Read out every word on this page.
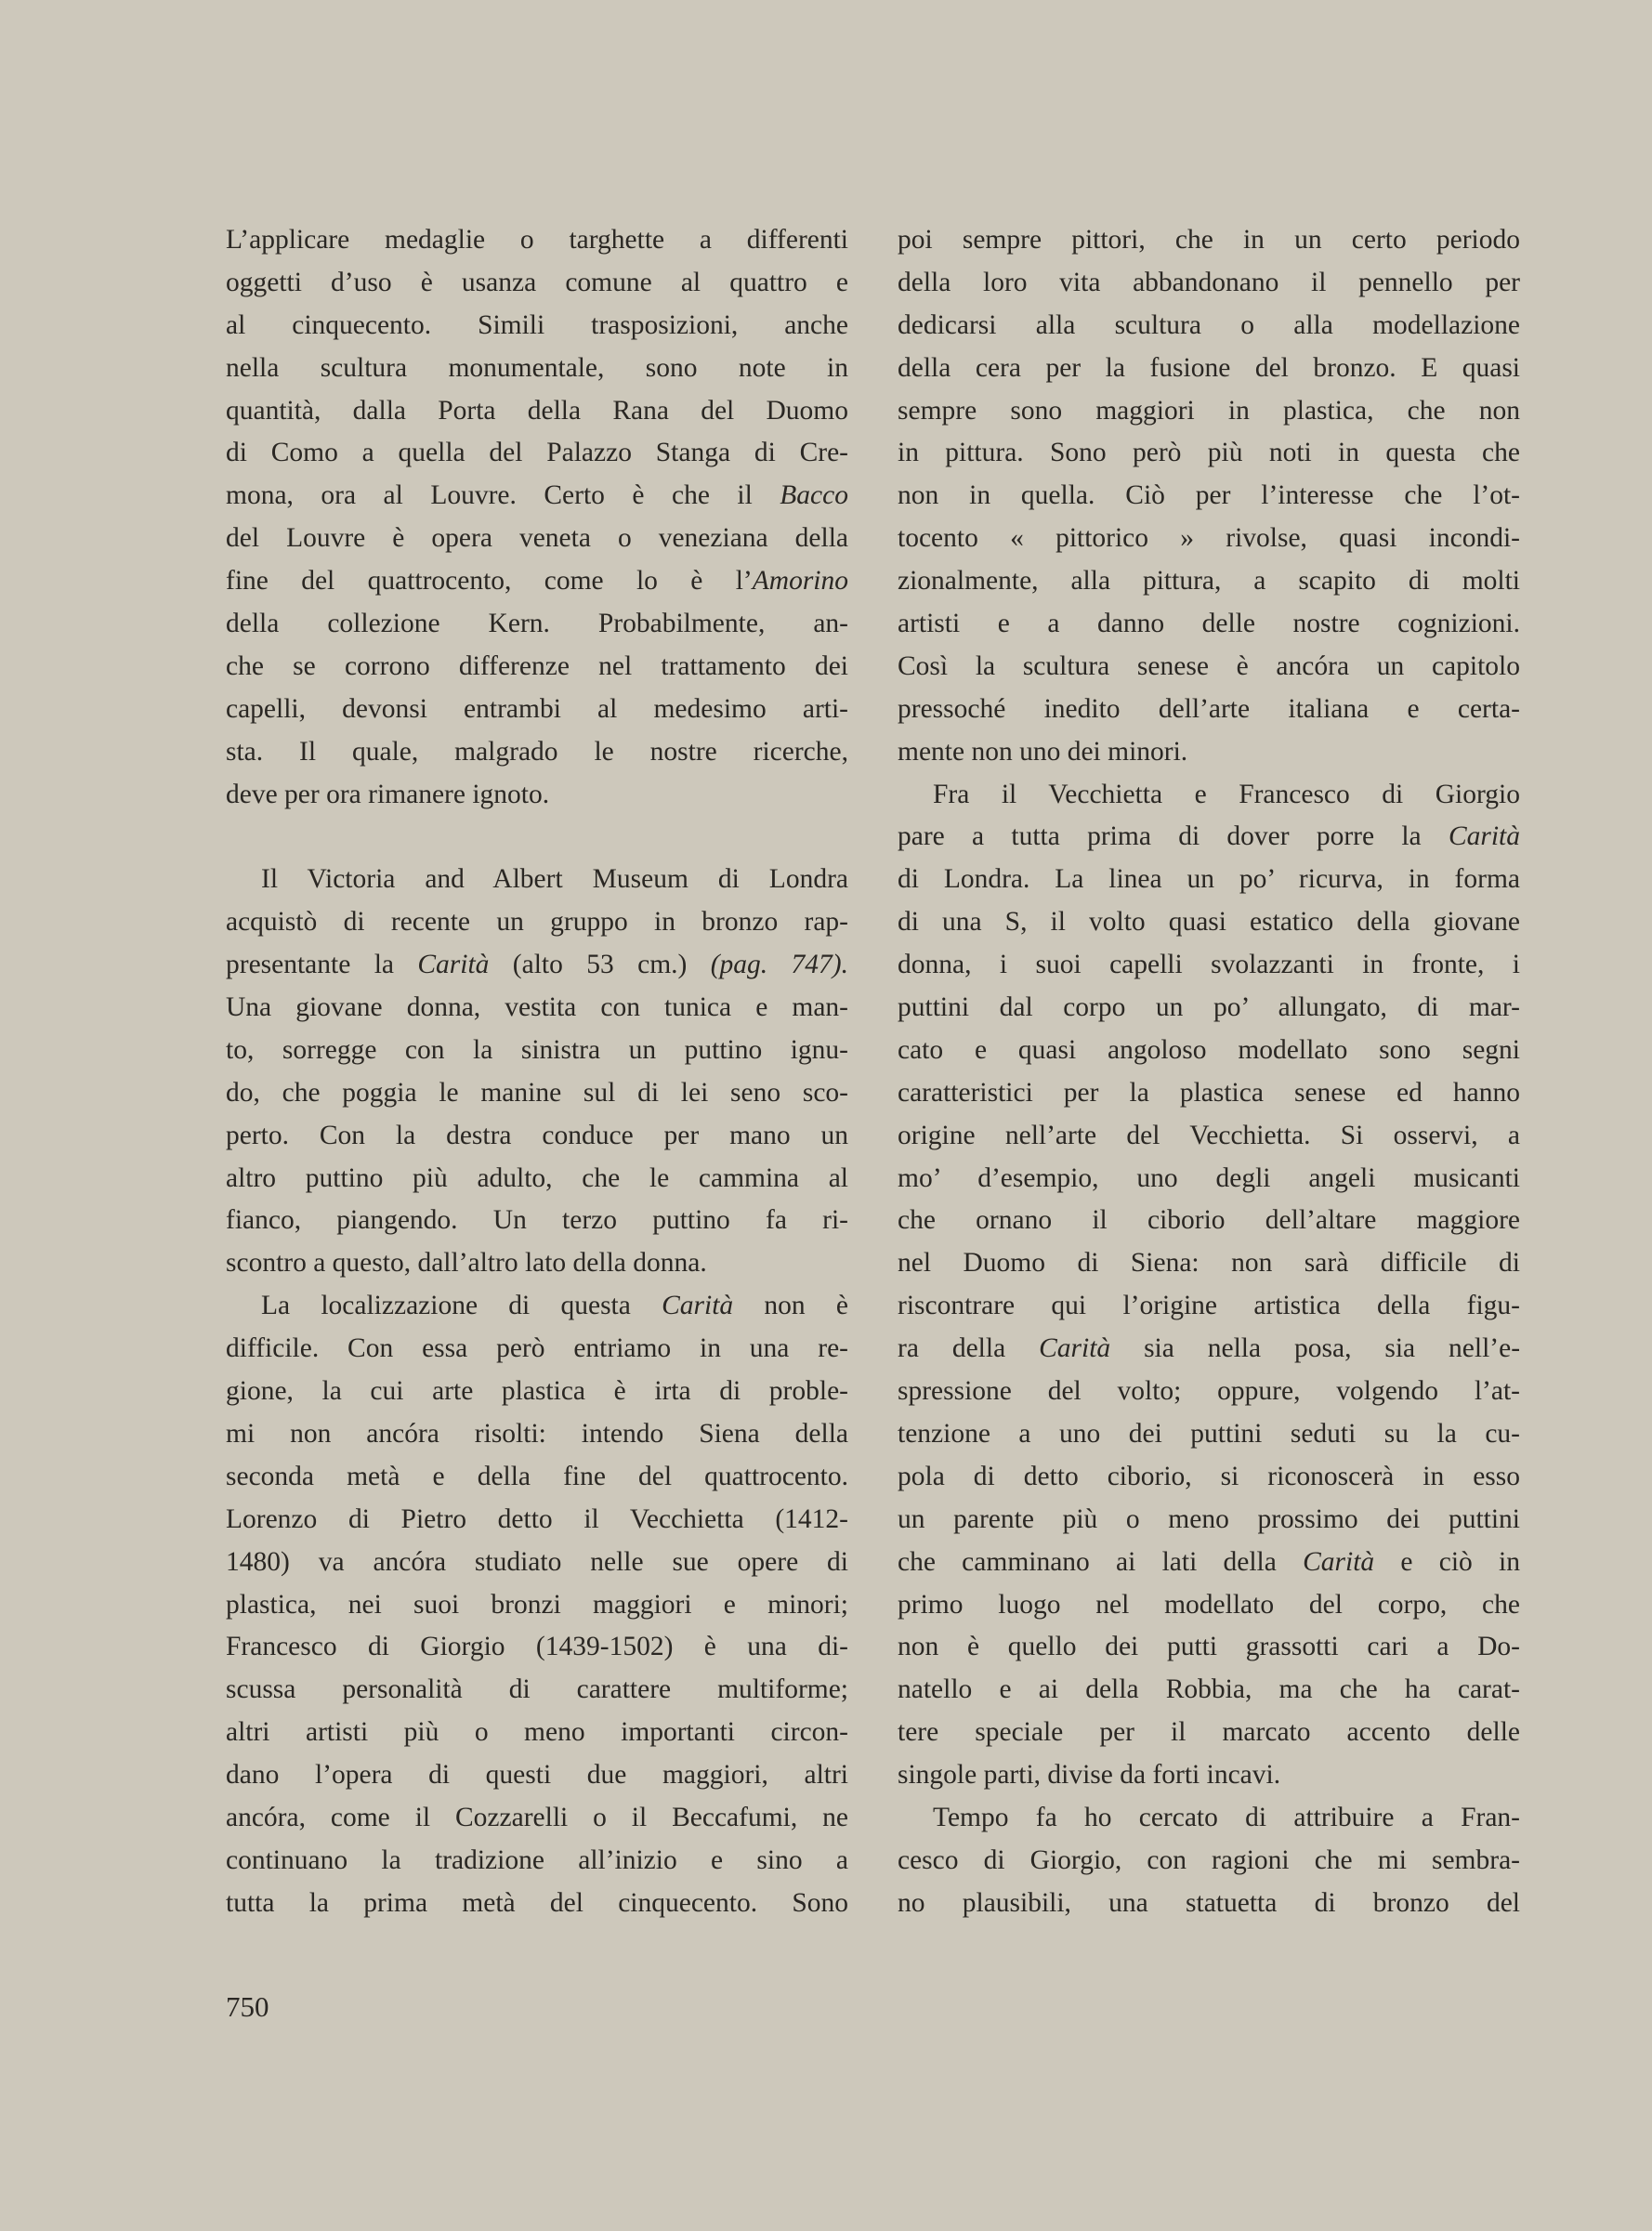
L’applicare medaglie o targhette a differenti
oggetti d’uso è usanza comune al quattro e
al cinquecento. Simili trasposizioni, anche
nella scultura monumentale, sono note in
quantità, dalla Porta della Rana del Duomo
di Como a quella del Palazzo Stanga di Cre-
mona, ora al Louvre. Certo è che il Bacco
del Louvre è opera veneta o veneziana della
fine del quattrocento, come lo è l’Amorino
della collezione Kern. Probabilmente, an-
che se corrono differenze nel trattamento dei
capelli, devonsi entrambi al medesimo arti-
sta. Il quale, malgrado le nostre ricerche,
deve per ora rimanere ignoto.
Il Victoria and Albert Museum di Londra
acquistò di recente un gruppo in bronzo rap-
presentante la Carità (alto 53 cm.) (pag. 747).
Una giovane donna, vestita con tunica e man-
to, sorregge con la sinistra un puttino ignu-
do, che poggia le manine sul di lei seno sco-
perto. Con la destra conduce per mano un
altro puttino più adulto, che le cammina al
fianco, piangendo. Un terzo puttino fa ri-
scontro a questo, dall’altro lato della donna.
La localizzazione di questa Carità non è
difficile. Con essa però entriamo in una re-
gione, la cui arte plastica è irta di proble-
mi non ancóra risolti: intendo Siena della
seconda metà e della fine del quattrocento.
Lorenzo di Pietro detto il Vecchietta (1412-
1480) va ancóra studiato nelle sue opere di
plastica, nei suoi bronzi maggiori e minori;
Francesco di Giorgio (1439-1502) è una di-
scussa personalità di carattere multiforme;
altri artisti più o meno importanti circon-
dano l’opera di questi due maggiori, altri
ancóra, come il Cozzarelli o il Beccafumi, ne
continuano la tradizione all’inizio e sino a
tutta la prima metà del cinquecento. Sono
poi sempre pittori, che in un certo periodo
della loro vita abbandonano il pennello per
dedicarsi alla scultura o alla modellazione
della cera per la fusione del bronzo. E quasi
sempre sono maggiori in plastica, che non
in pittura. Sono però più noti in questa che
non in quella. Ciò per l’interesse che l’ot-
tocento « pittorico » rivolse, quasi incondi-
zionalmente, alla pittura, a scapito di molti
artisti e a danno delle nostre cognizioni.
Così la scultura senese è ancóra un capitolo
pressoché inedito dell’arte italiana e certa-
mente non uno dei minori.
Fra il Vecchietta e Francesco di Giorgio
pare a tutta prima di dover porre la Carità
di Londra. La linea un po’ ricurva, in forma
di una S, il volto quasi estatico della giovane
donna, i suoi capelli svolazzanti in fronte, i
puttini dal corpo un po’ allungato, di mar-
cato e quasi angoloso modellato sono segni
caratteristici per la plastica senese ed hanno
origine nell’arte del Vecchietta. Si osservi, a
mo’ d’esempio, uno degli angeli musicanti
che ornano il ciborio dell’altare maggiore
nel Duomo di Siena: non sarà difficile di
riscontrare qui l’origine artistica della figu-
ra della Carità sia nella posa, sia nell’e-
spressione del volto; oppure, volgendo l’at-
tenzione a uno dei puttini seduti su la cu-
pola di detto ciborio, si riconoscerà in esso
un parente più o meno prossimo dei puttini
che camminano ai lati della Carità e ciò in
primo luogo nel modellato del corpo, che
non è quello dei putti grassotti cari a Do-
natello e ai della Robbia, ma che ha carat-
tere speciale per il marcato accento delle
singole parti, divise da forti incavi.
Tempo fa ho cercato di attribuire a Fran-
cesco di Giorgio, con ragioni che mi sembra-
no plausibili, una statuetta di bronzo del
750
